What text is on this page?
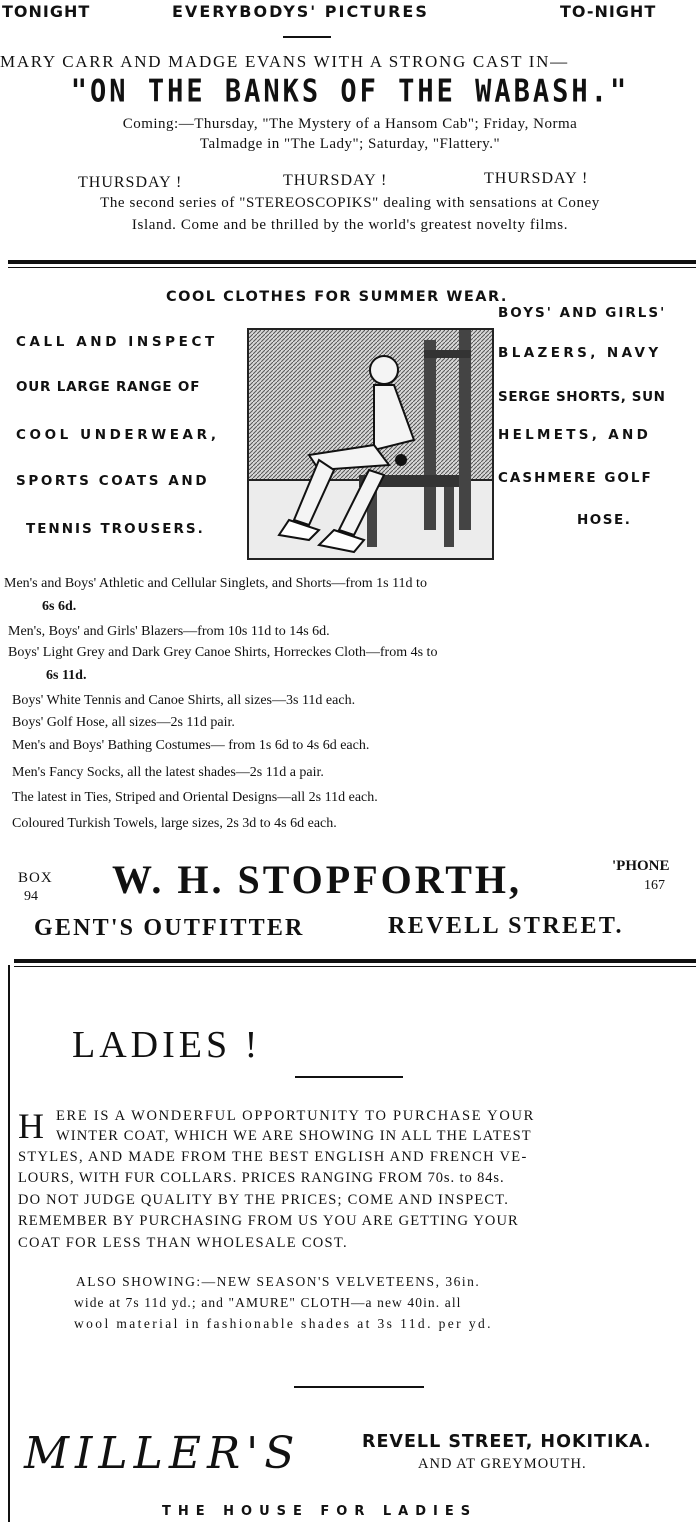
TONIGHT	EVERYBODYS' PICTURES	TO-NIGHT
MARY CARR AND MADGE EVANS WITH A STRONG CAST IN—
"ON THE BANKS OF THE WABASH."
Coming:—Thursday, "The Mystery of a Hansom Cab"; Friday, Norma
Talmadge in "The Lady"; Saturday, "Flattery."
THURSDAY !	THURSDAY !	THURSDAY !
The second series of "STEREOSCOPIKS" dealing with sensations at Coney
Island. Come and be thrilled by the world's greatest novelty films.
COOL CLOTHES FOR SUMMER WEAR.
CALL AND INSPECT
OUR LARGE RANGE OF
COOL UNDERWEAR,
SPORTS COATS AND
TENNIS TROUSERS.
BOYS' AND GIRLS'
BLAZERS, NAVY
SERGE SHORTS, SUN
HELMETS, AND
CASHMERE GOLF
HOSE.
Men's and Boys' Athletic and Cellular Singlets, and Shorts—from 1s 11d to
6s 6d.
Men's, Boys' and Girls' Blazers—from 10s 11d to 14s 6d.
Boys' Light Grey and Dark Grey Canoe Shirts, Horreckes Cloth—from 4s to
6s 11d.
Boys' White Tennis and Canoe Shirts, all sizes—3s 11d each.
Boys' Golf Hose, all sizes—2s 11d pair.
Men's and Boys' Bathing Costumes— from 1s 6d to 4s 6d each.
Men's Fancy Socks, all the latest shades—2s 11d a pair.
The latest in Ties, Striped and Oriental Designs—all 2s 11d each.
Coloured Turkish Towels, large sizes, 2s 3d to 4s 6d each.
BOX
94 W. H. STOPFORTH,	'PHONE
167
GENT'S OUTFITTER	REVELL STREET.
LADIES !
H ERE IS A WONDERFUL OPPORTUNITY TO PURCHASE YOUR
WINTER COAT, WHICH WE ARE SHOWING IN ALL THE LATEST
STYLES, AND MADE FROM THE BEST ENGLISH AND FRENCH VE-
LOURS, WITH FUR COLLARS. PRICES RANGING FROM 70s. to 84s.
DO NOT JUDGE QUALITY BY THE PRICES; COME AND INSPECT.
REMEMBER BY PURCHASING FROM US YOU ARE GETTING YOUR
COAT FOR LESS THAN WHOLESALE COST.
ALSO SHOWING:—NEW SEASON'S VELVETEENS, 36in.
wide at 7s 11d yd.; and "AMURE" CLOTH—a new 40in. all
wool material in fashionable shades at 3s 11d. per yd.
MILLER'S	REVELL STREET, HOKITIKA.
AND AT GREYMOUTH.
THE HOUSE FOR LADIES
